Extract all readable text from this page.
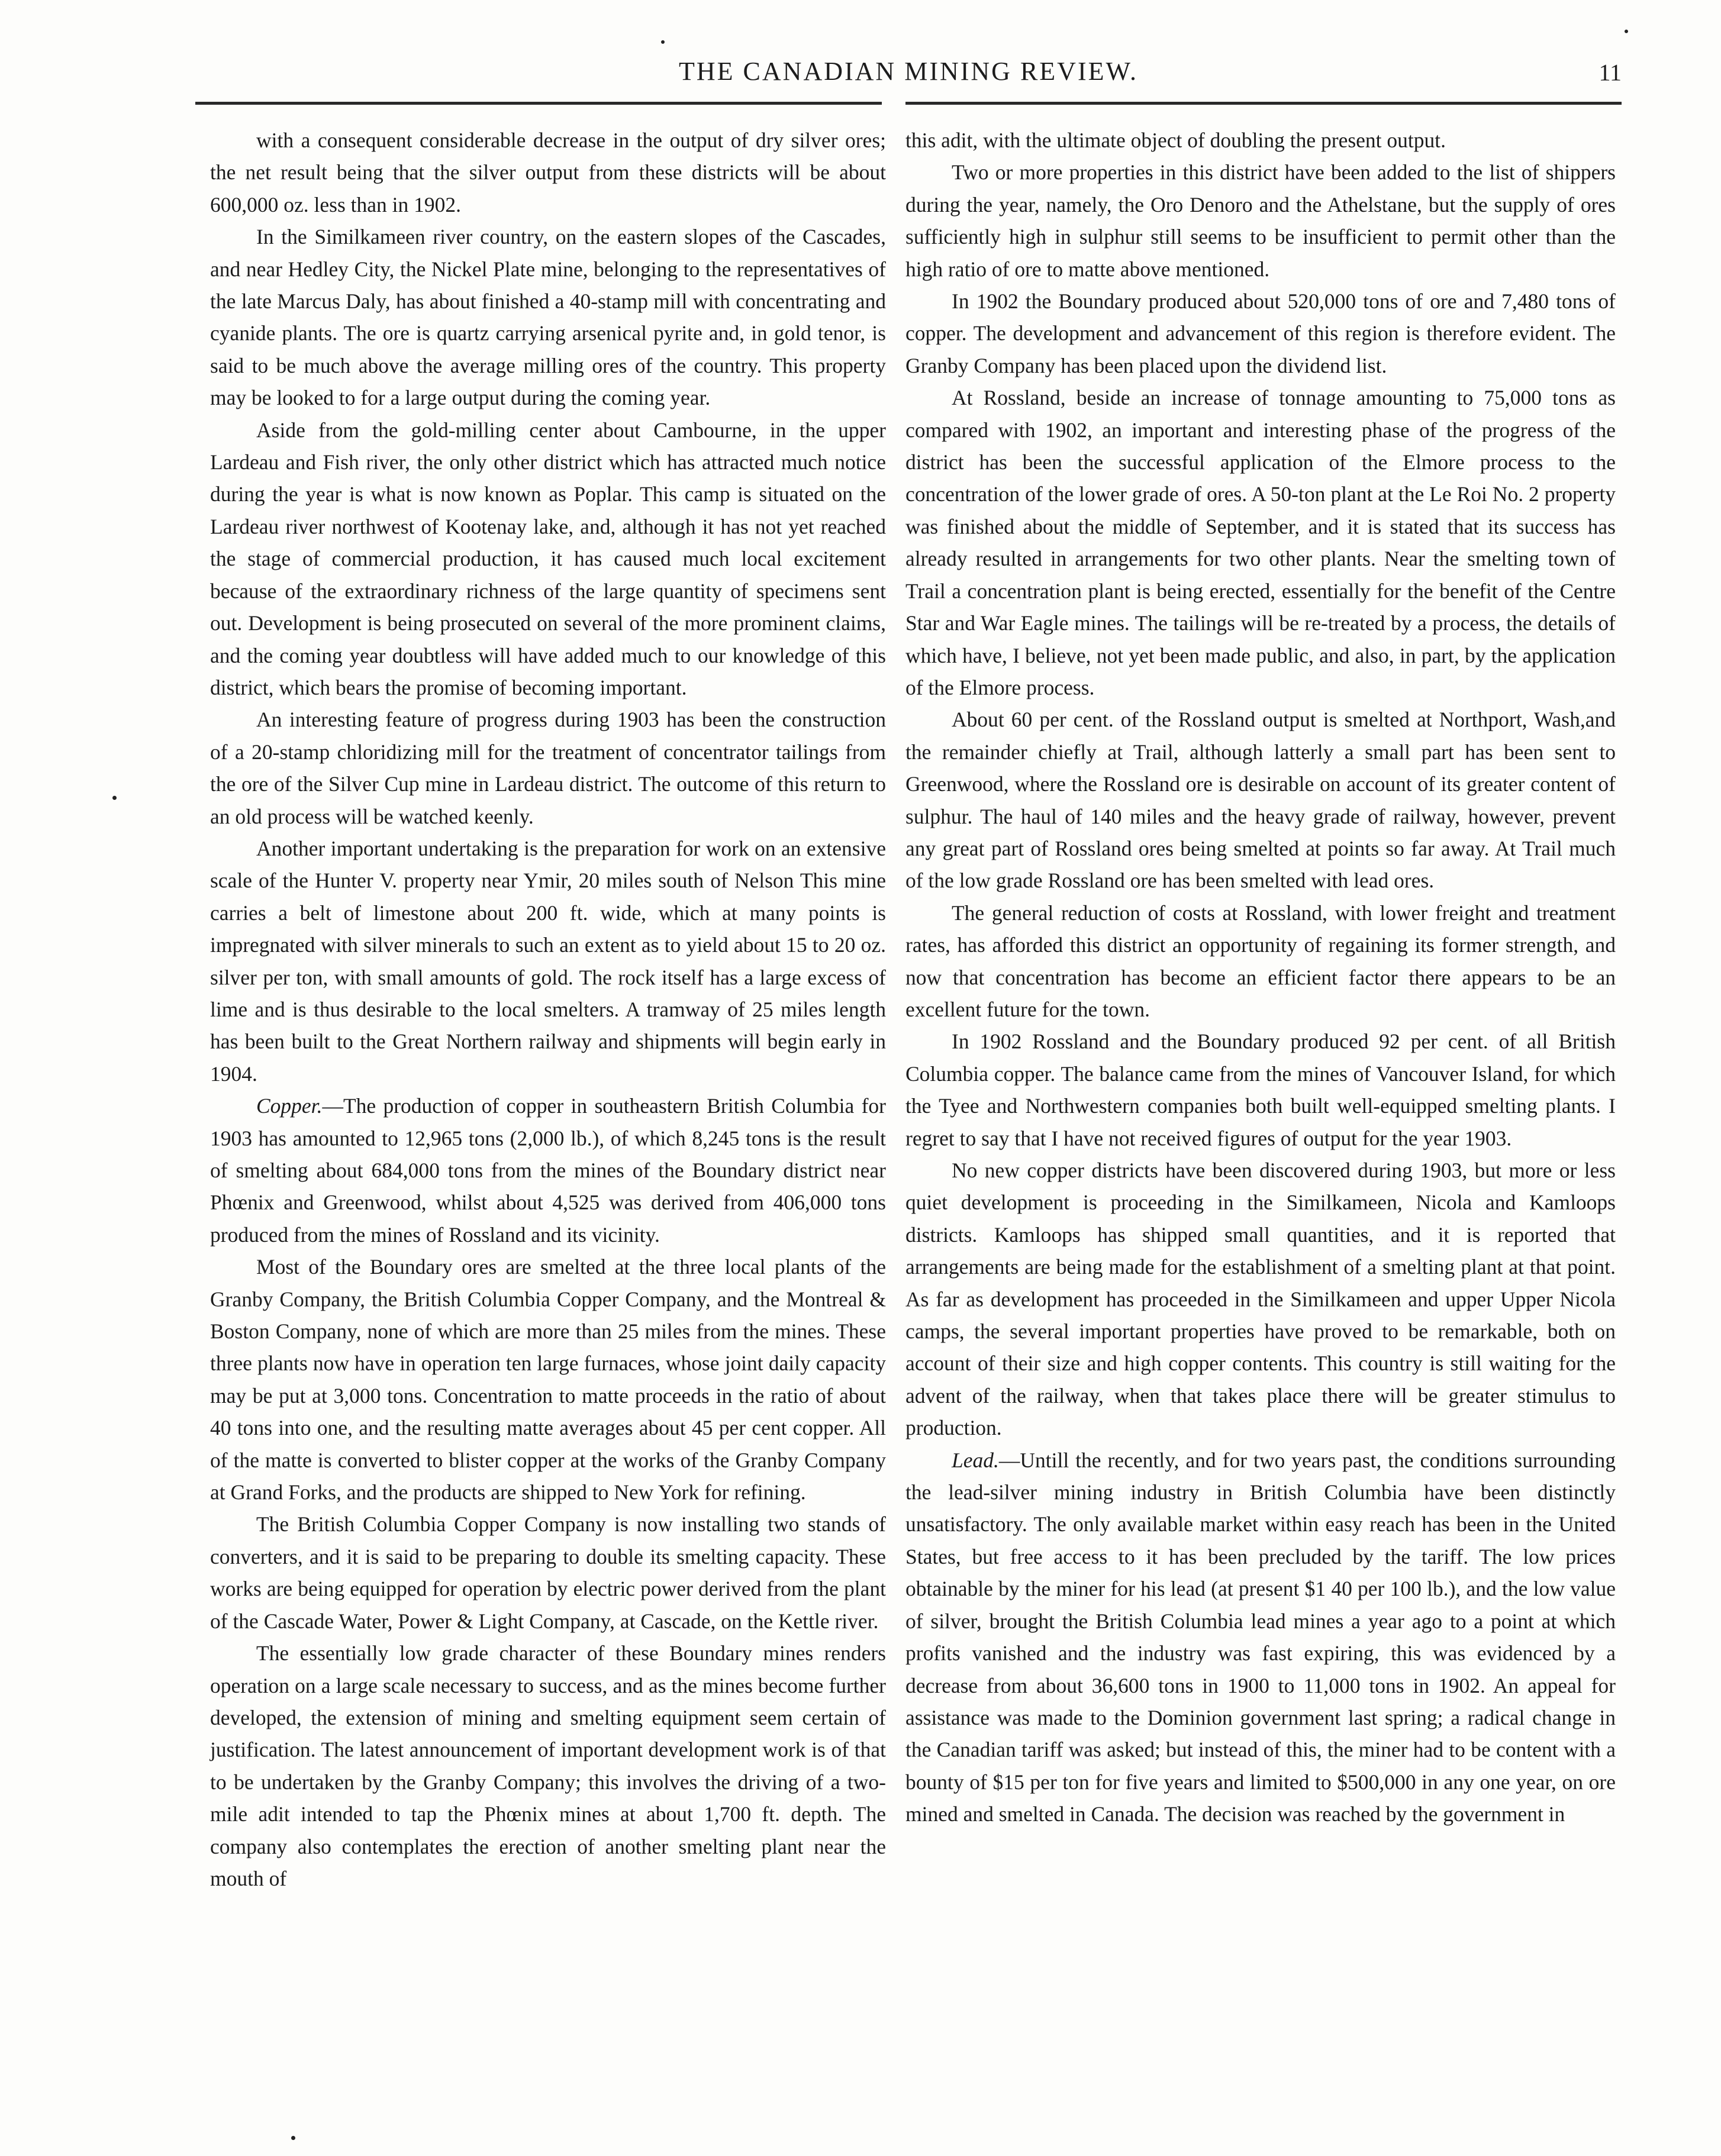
THE CANADIAN MINING REVIEW.	11

with a consequent considerable decrease in the output of dry silver ores; the net result being that the silver output from these districts will be about 600,000 oz. less than in 1902.

In the Similkameen river country, on the eastern slopes of the Cascades, and near Hedley City, the Nickel Plate mine, belonging to the representatives of the late Marcus Daly, has about finished a 40-stamp mill with concentrating and cyanide plants. The ore is quartz carrying arsenical pyrite and, in gold tenor, is said to be much above the average milling ores of the country. This property may be looked to for a large output during the coming year.

Aside from the gold-milling center about Cambourne, in the upper Lardeau and Fish river, the only other district which has attracted much notice during the year is what is now known as Poplar. This camp is situated on the Lardeau river northwest of Kootenay lake, and, although it has not yet reached the stage of commercial production, it has caused much local excitement because of the extraordinary richness of the large quantity of specimens sent out. Development is being prosecuted on several of the more prominent claims, and the coming year doubtless will have added much to our knowledge of this district, which bears the promise of becoming important.

An interesting feature of progress during 1903 has been the construction of a 20-stamp chloridizing mill for the treatment of concentrator tailings from the ore of the Silver Cup mine in Lardeau district. The outcome of this return to an old process will be watched keenly.

Another important undertaking is the preparation for work on an extensive scale of the Hunter V. property near Ymir, 20 miles south of Nelson This mine carries a belt of limestone about 200 ft. wide, which at many points is impregnated with silver minerals to such an extent as to yield about 15 to 20 oz. silver per ton, with small amounts of gold. The rock itself has a large excess of lime and is thus desirable to the local smelters. A tramway of 25 miles length has been built to the Great Northern railway and shipments will begin early in 1904.

Copper.—The production of copper in southeastern British Columbia for 1903 has amounted to 12,965 tons (2,000 lb.), of which 8,245 tons is the result of smelting about 684,000 tons from the mines of the Boundary district near Phœnix and Greenwood, whilst about 4,525 was derived from 406,000 tons produced from the mines of Rossland and its vicinity.

Most of the Boundary ores are smelted at the three local plants of the Granby Company, the British Columbia Copper Company, and the Montreal & Boston Company, none of which are more than 25 miles from the mines. These three plants now have in operation ten large furnaces, whose joint daily capacity may be put at 3,000 tons. Concentration to matte proceeds in the ratio of about 40 tons into one, and the resulting matte averages about 45 per cent copper. All of the matte is converted to blister copper at the works of the Granby Company at Grand Forks, and the products are shipped to New York for refining.

The British Columbia Copper Company is now installing two stands of converters, and it is said to be preparing to double its smelting capacity. These works are being equipped for operation by electric power derived from the plant of the Cascade Water, Power & Light Company, at Cascade, on the Kettle river.

The essentially low grade character of these Boundary mines renders operation on a large scale necessary to success, and as the mines become further developed, the extension of mining and smelting equipment seem certain of justification. The latest announcement of important development work is of that to be undertaken by the Granby Company; this involves the driving of a two-mile adit intended to tap the Phœnix mines at about 1,700 ft. depth. The company also contemplates the erection of another smelting plant near the mouth of

this adit, with the ultimate object of doubling the present output.

Two or more properties in this district have been added to the list of shippers during the year, namely, the Oro Denoro and the Athelstane, but the supply of ores sufficiently high in sulphur still seems to be insufficient to permit other than the high ratio of ore to matte above mentioned.

In 1902 the Boundary produced about 520,000 tons of ore and 7,480 tons of copper. The development and advancement of this region is therefore evident. The Granby Company has been placed upon the dividend list.

At Rossland, beside an increase of tonnage amounting to 75,000 tons as compared with 1902, an important and interesting phase of the progress of the district has been the successful application of the Elmore process to the concentration of the lower grade of ores. A 50-ton plant at the Le Roi No. 2 property was finished about the middle of September, and it is stated that its success has already resulted in arrangements for two other plants. Near the smelting town of Trail a concentration plant is being erected, essentially for the benefit of the Centre Star and War Eagle mines. The tailings will be re-treated by a process, the details of which have, I believe, not yet been made public, and also, in part, by the application of the Elmore process.

About 60 per cent. of the Rossland output is smelted at Northport, Wash,and the remainder chiefly at Trail, although latterly a small part has been sent to Greenwood, where the Rossland ore is desirable on account of its greater content of sulphur. The haul of 140 miles and the heavy grade of railway, however, prevent any great part of Rossland ores being smelted at points so far away. At Trail much of the low grade Rossland ore has been smelted with lead ores.

The general reduction of costs at Rossland, with lower freight and treatment rates, has afforded this district an opportunity of regaining its former strength, and now that concentration has become an efficient factor there appears to be an excellent future for the town.

In 1902 Rossland and the Boundary produced 92 per cent. of all British Columbia copper. The balance came from the mines of Vancouver Island, for which the Tyee and Northwestern companies both built well-equipped smelting plants. I regret to say that I have not received figures of output for the year 1903.

No new copper districts have been discovered during 1903, but more or less quiet development is proceeding in the Similkameen, Nicola and Kamloops districts. Kamloops has shipped small quantities, and it is reported that arrangements are being made for the establishment of a smelting plant at that point. As far as development has proceeded in the Similkameen and upper Upper Nicola camps, the several important properties have proved to be remarkable, both on account of their size and high copper contents. This country is still waiting for the advent of the railway, when that takes place there will be greater stimulus to production.

Lead.—Untill the recently, and for two years past, the conditions surrounding the lead-silver mining industry in British Columbia have been distinctly unsatisfactory. The only available market within easy reach has been in the United States, but free access to it has been precluded by the tariff. The low prices obtainable by the miner for his lead (at present $1 40 per 100 lb.), and the low value of silver, brought the British Columbia lead mines a year ago to a point at which profits vanished and the industry was fast expiring, this was evidenced by a decrease from about 36,600 tons in 1900 to 11,000 tons in 1902. An appeal for assistance was made to the Dominion government last spring; a radical change in the Canadian tariff was asked; but instead of this, the miner had to be content with a bounty of $15 per ton for five years and limited to $500,000 in any one year, on ore mined and smelted in Canada. The decision was reached by the government in
